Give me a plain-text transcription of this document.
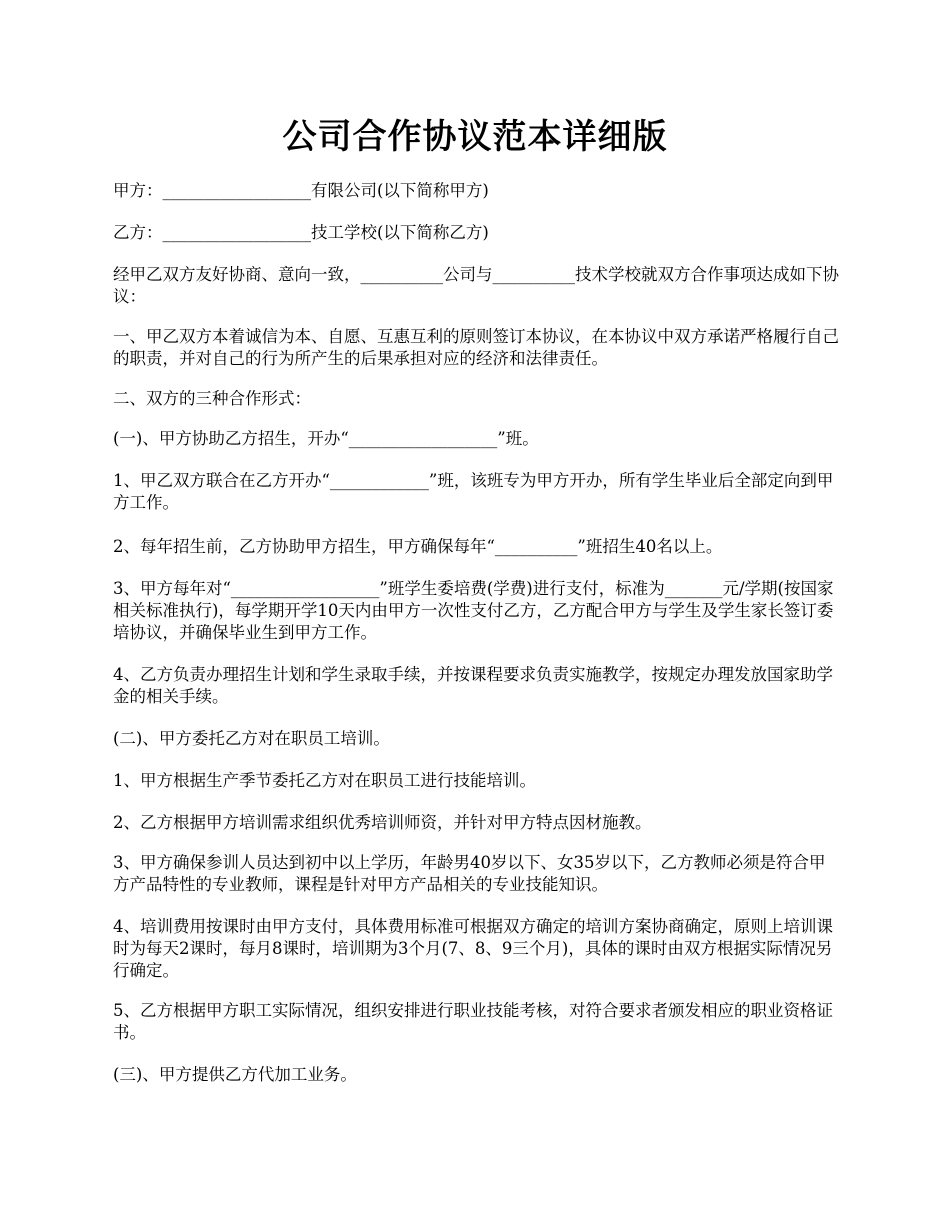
公司合作协议范本详细版

甲方：__________________有限公司(以下简称甲方)

乙方：__________________技工学校(以下简称乙方)

经甲乙双方友好协商、意向一致，__________公司与__________技术学校就双方合作事项达成如下协议：

一、甲乙双方本着诚信为本、自愿、互惠互利的原则签订本协议，在本协议中双方承诺严格履行自己的职责，并对自己的行为所产生的后果承担对应的经济和法律责任。

二、双方的三种合作形式：

(一)、甲方协助乙方招生，开办“__________________”班。

1、甲乙双方联合在乙方开办“____________”班，该班专为甲方开办，所有学生毕业后全部定向到甲方工作。

2、每年招生前，乙方协助甲方招生，甲方确保每年“__________”班招生40名以上。

3、甲方每年对“__________________”班学生委培费(学费)进行支付，标准为_______元/学期(按国家相关标准执行)，每学期开学10天内由甲方一次性支付乙方，乙方配合甲方与学生及学生家长签订委培协议，并确保毕业生到甲方工作。

4、乙方负责办理招生计划和学生录取手续，并按课程要求负责实施教学，按规定办理发放国家助学金的相关手续。

(二)、甲方委托乙方对在职员工培训。

1、甲方根据生产季节委托乙方对在职员工进行技能培训。

2、乙方根据甲方培训需求组织优秀培训师资，并针对甲方特点因材施教。

3、甲方确保参训人员达到初中以上学历，年龄男40岁以下、女35岁以下，乙方教师必须是符合甲方产品特性的专业教师，课程是针对甲方产品相关的专业技能知识。

4、培训费用按课时由甲方支付，具体费用标准可根据双方确定的培训方案协商确定，原则上培训课时为每天2课时，每月8课时，培训期为3个月(7、8、9三个月)，具体的课时由双方根据实际情况另行确定。

5、乙方根据甲方职工实际情况，组织安排进行职业技能考核，对符合要求者颁发相应的职业资格证书。

(三)、甲方提供乙方代加工业务。
